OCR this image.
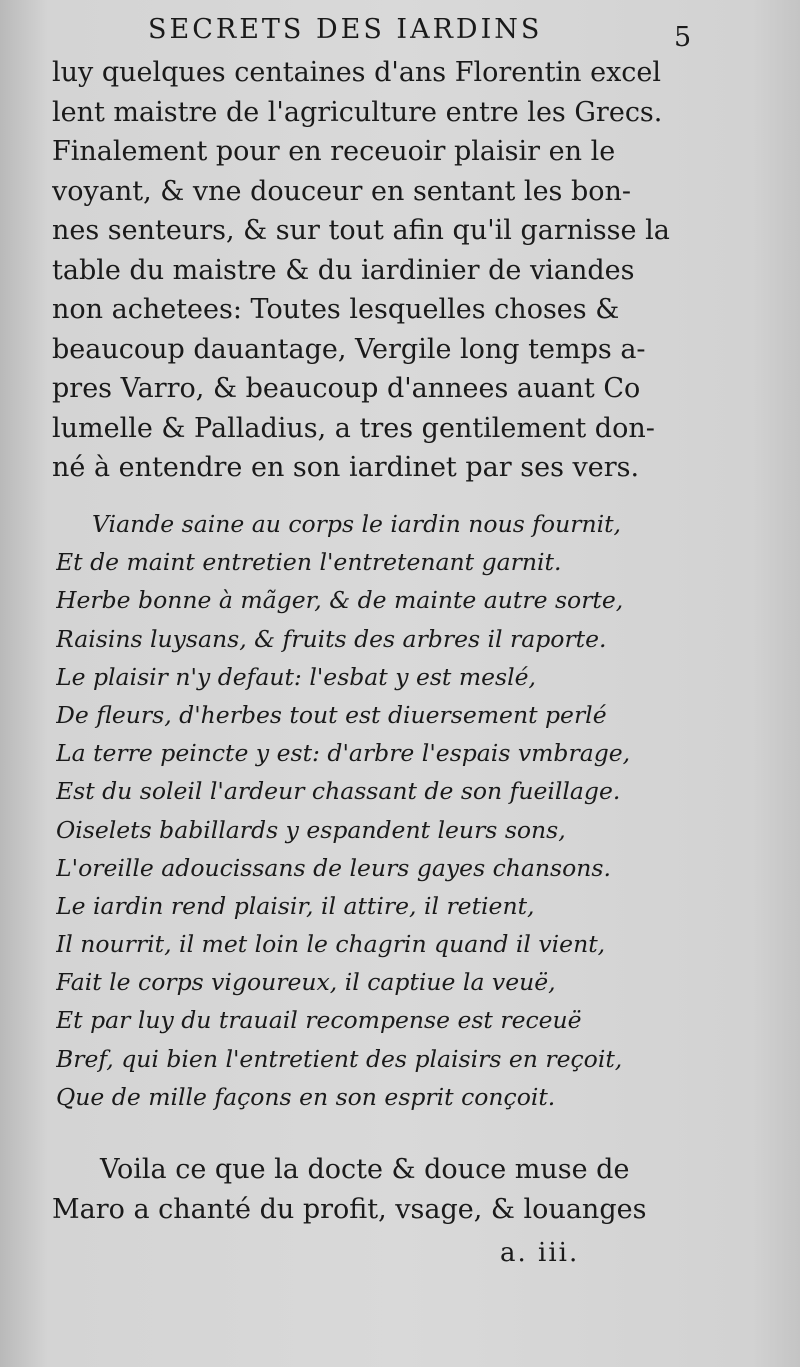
SECRETS DES IARDINS	5
luy quelques centaines d'ans Florentin excel
lent maistre de l'agriculture entre les Grecs.
Finalement pour en receuoir plaisir en le
voyant, & vne douceur en sentant les bon-
nes senteurs, & sur tout afin qu'il garnisse la
table du maistre & du iardinier de viandes
non achetees: Toutes lesquelles choses &
beaucoup dauantage, Vergile long temps a-
pres Varro, & beaucoup d'annees auant Co
lumelle & Palladius, a tres gentilement don-
né à entendre en son iardinet par ses vers.
Viande saine au corps le iardin nous fournit,
Et de maint entretien l'entretenant garnit.
Herbe bonne à mãger, & de mainte autre sorte,
Raisins luysans, & fruits des arbres il raporte.
Le plaisir n'y defaut: l'esbat y est meslé,
De fleurs, d'herbes tout est diuersement perlé
La terre peincte y est: d'arbre l'espais vmbrage,
Est du soleil l'ardeur chassant de son fueillage.
Oiselets babillards y espandent leurs sons,
L'oreille adoucissans de leurs gayes chansons.
Le iardin rend plaisir, il attire, il retient,
Il nourrit, il met loin le chagrin quand il vient,
Fait le corps vigoureux, il captiue la veuë,
Et par luy du trauail recompense est receuë
Bref, qui bien l'entretient des plaisirs en reçoit,
Que de mille façons en son esprit conçoit.
Voila ce que la docte & douce muse de
Maro a chanté du profit, vsage, & louanges
a. iii.
